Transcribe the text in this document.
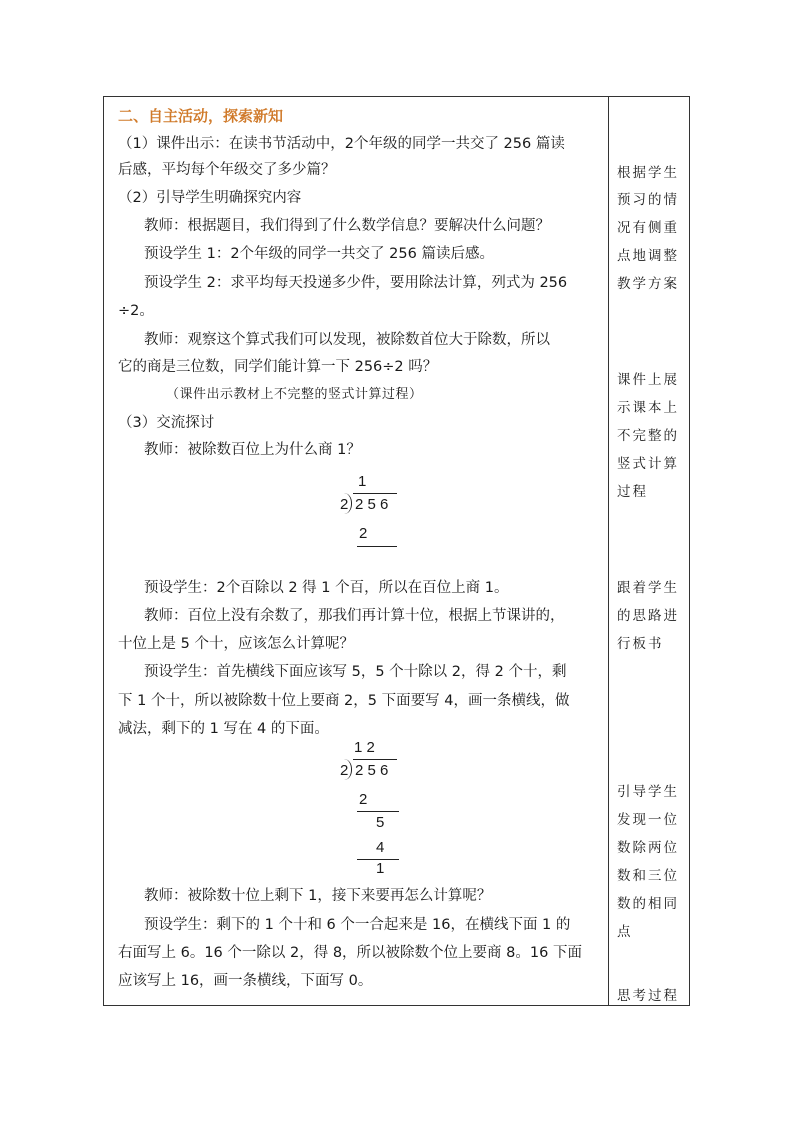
二、自主活动，探索新知
（1）课件出示：在读书节活动中，2个年级的同学一共交了 256 篇读
后感，平均每个年级交了多少篇？
（2）引导学生明确探究内容
教师：根据题目，我们得到了什么数学信息？要解决什么问题？
预设学生 1：2个年级的同学一共交了 256 篇读后感。
预设学生 2：求平均每天投递多少件，要用除法计算，列式为 256
÷2。
教师：观察这个算式我们可以发现，被除数首位大于除数，所以
它的商是三位数，同学们能计算一下 256÷2 吗？
（课件出示教材上不完整的竖式计算过程）
（3）交流探讨
教师：被除数百位上为什么商 1？
1
2 2 5 6
2
预设学生：2个百除以 2 得 1 个百，所以在百位上商 1。
教师：百位上没有余数了，那我们再计算十位，根据上节课讲的，
十位上是 5 个十，应该怎么计算呢？
预设学生：首先横线下面应该写 5，5 个十除以 2，得 2 个十，剩
下 1 个十，所以被除数十位上要商 2，5 下面要写 4，画一条横线，做
减法，剩下的 1 写在 4 的下面。
1 2
2 2 5 6
2
5
4
1
教师：被除数十位上剩下 1，接下来要再怎么计算呢？
预设学生：剩下的 1 个十和 6 个一合起来是 16，在横线下面 1 的
右面写上 6。16 个一除以 2，得 8，所以被除数个位上要商 8。16 下面
应该写上 16，画一条横线，下面写 0。
根据学生
预习的情
况有侧重
点地调整
教学方案
课件上展
示课本上
不完整的
竖式计算
过程
跟着学生
的思路进
行板书
引导学生
发现一位
数除两位
数和三位
数的相同
点
思考过程
